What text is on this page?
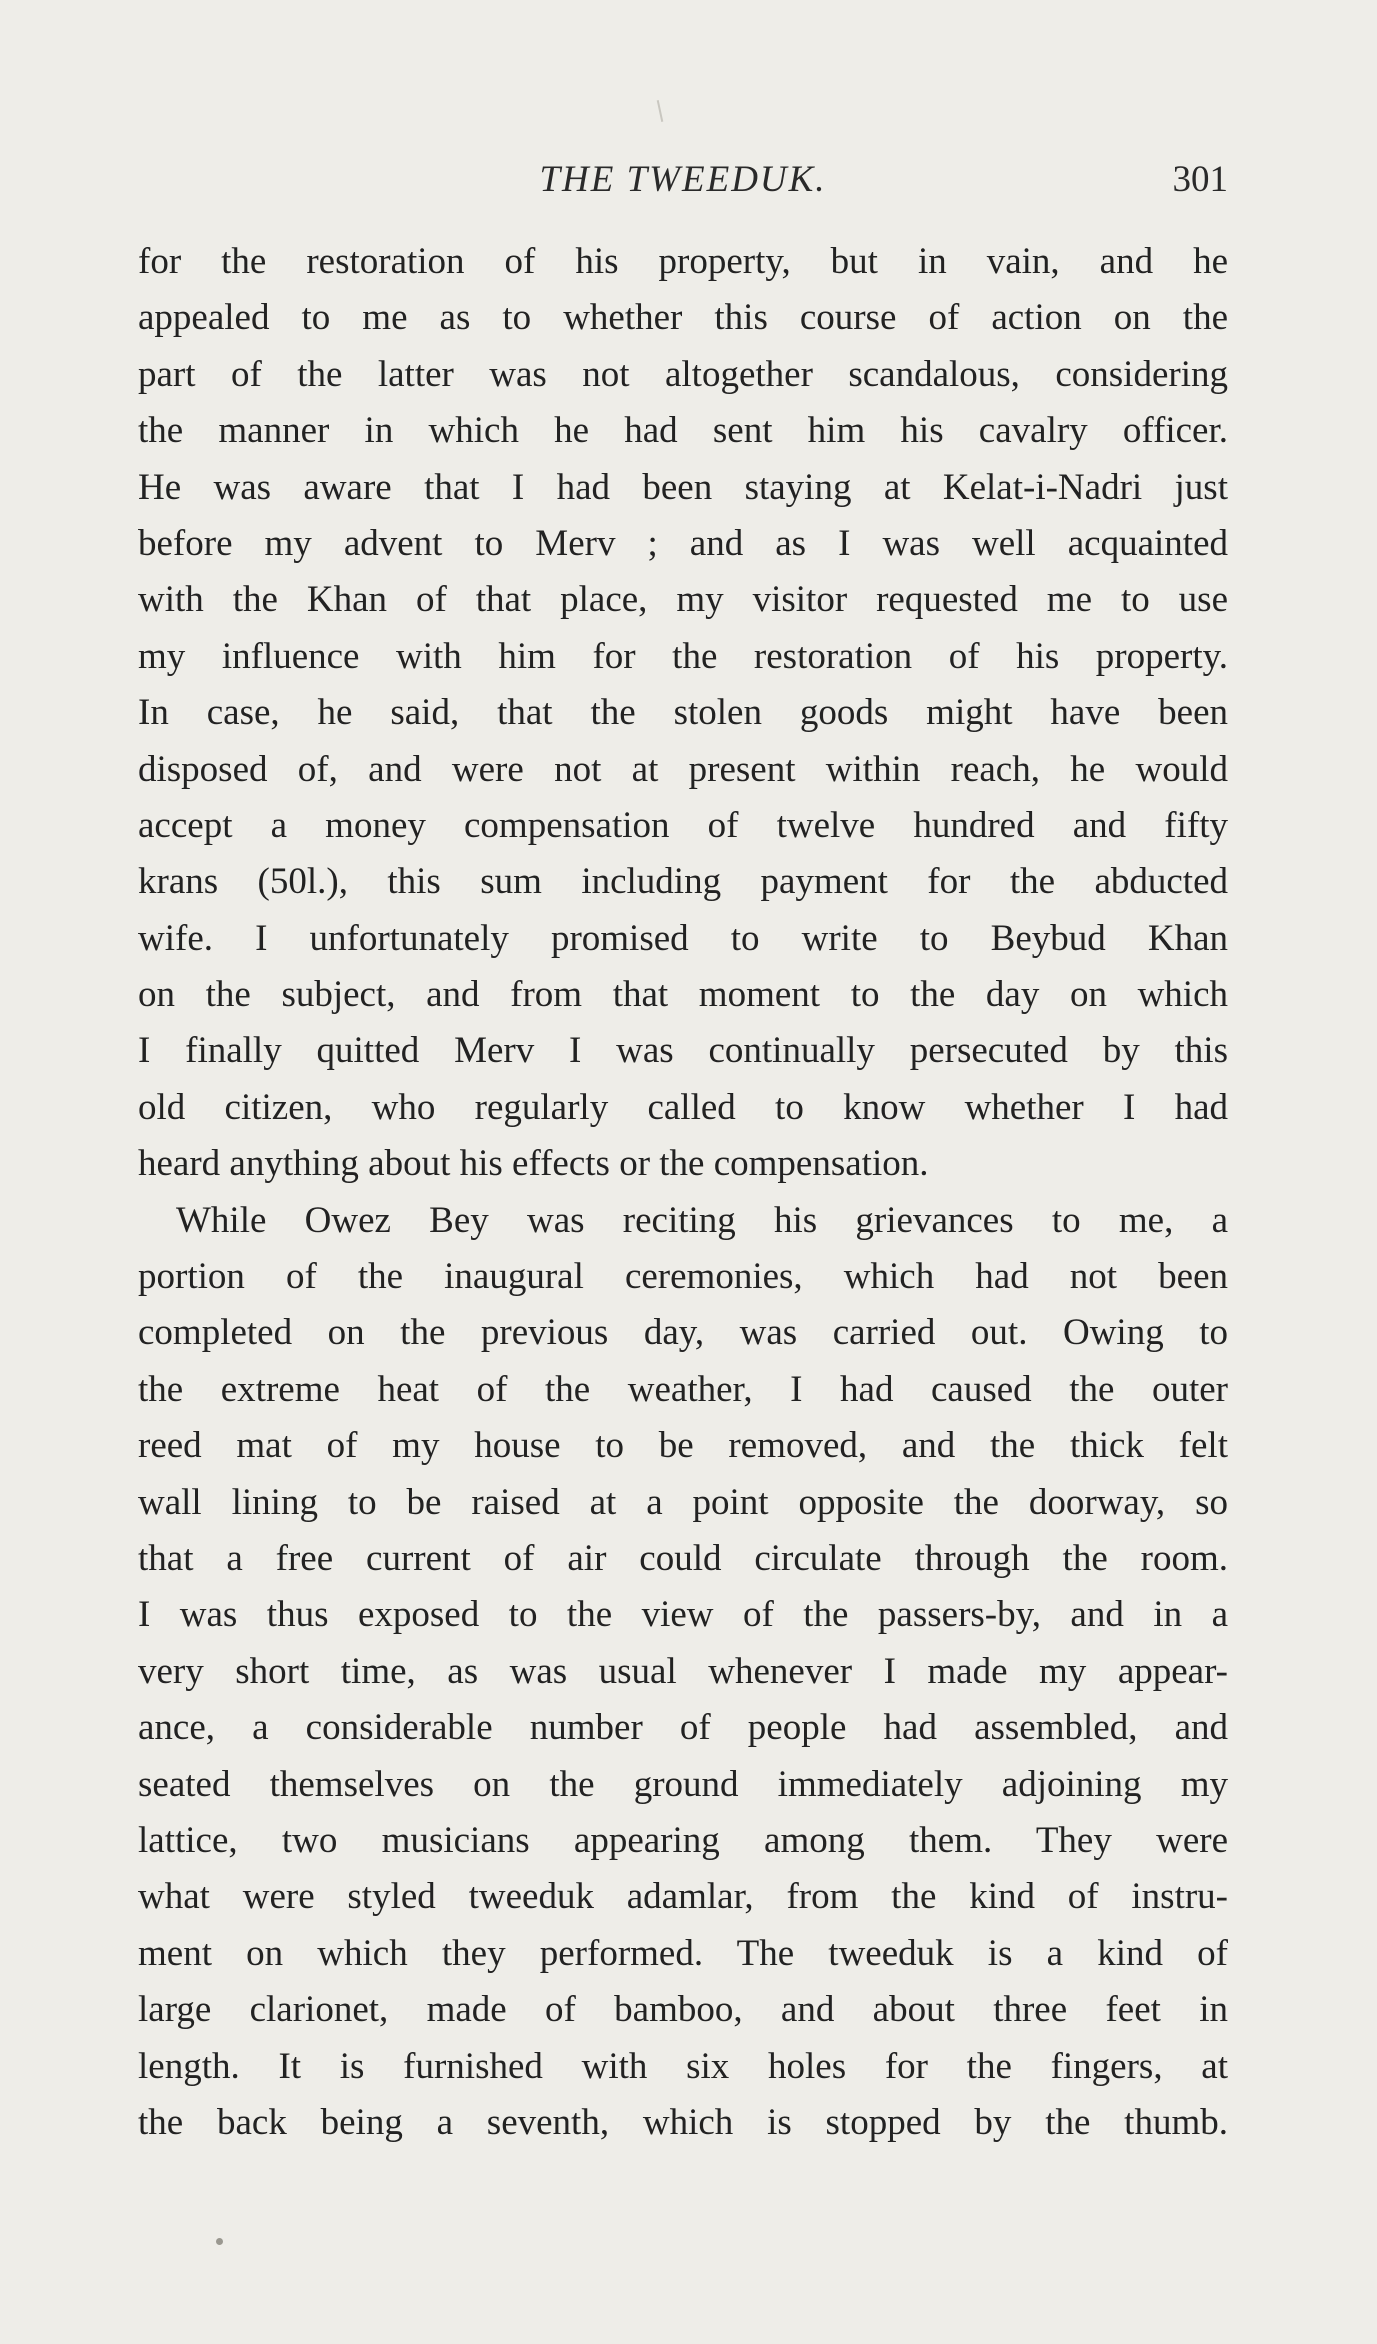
THE TWEEDUK.	301
for the restoration of his property, but in vain, and he
appealed to me as to whether this course of action on the
part of the latter was not altogether scandalous, considering
the manner in which he had sent him his cavalry officer.
He was aware that I had been staying at Kelat-i-Nadri just
before my advent to Merv ; and as I was well acquainted
with the Khan of that place, my visitor requested me to use
my influence with him for the restoration of his property.
In case, he said, that the stolen goods might have been
disposed of, and were not at present within reach, he would
accept a money compensation of twelve hundred and fifty
krans (50l.), this sum including payment for the abducted
wife. I unfortunately promised to write to Beybud Khan
on the subject, and from that moment to the day on which
I finally quitted Merv I was continually persecuted by this
old citizen, who regularly called to know whether I had
heard anything about his effects or the compensation.
While Owez Bey was reciting his grievances to me, a
portion of the inaugural ceremonies, which had not been
completed on the previous day, was carried out. Owing to
the extreme heat of the weather, I had caused the outer
reed mat of my house to be removed, and the thick felt
wall lining to be raised at a point opposite the doorway, so
that a free current of air could circulate through the room.
I was thus exposed to the view of the passers-by, and in a
very short time, as was usual whenever I made my appear-
ance, a considerable number of people had assembled, and
seated themselves on the ground immediately adjoining my
lattice, two musicians appearing among them. They were
what were styled tweeduk adamlar, from the kind of instru-
ment on which they performed. The tweeduk is a kind of
large clarionet, made of bamboo, and about three feet in
length. It is furnished with six holes for the fingers, at
the back being a seventh, which is stopped by the thumb.
